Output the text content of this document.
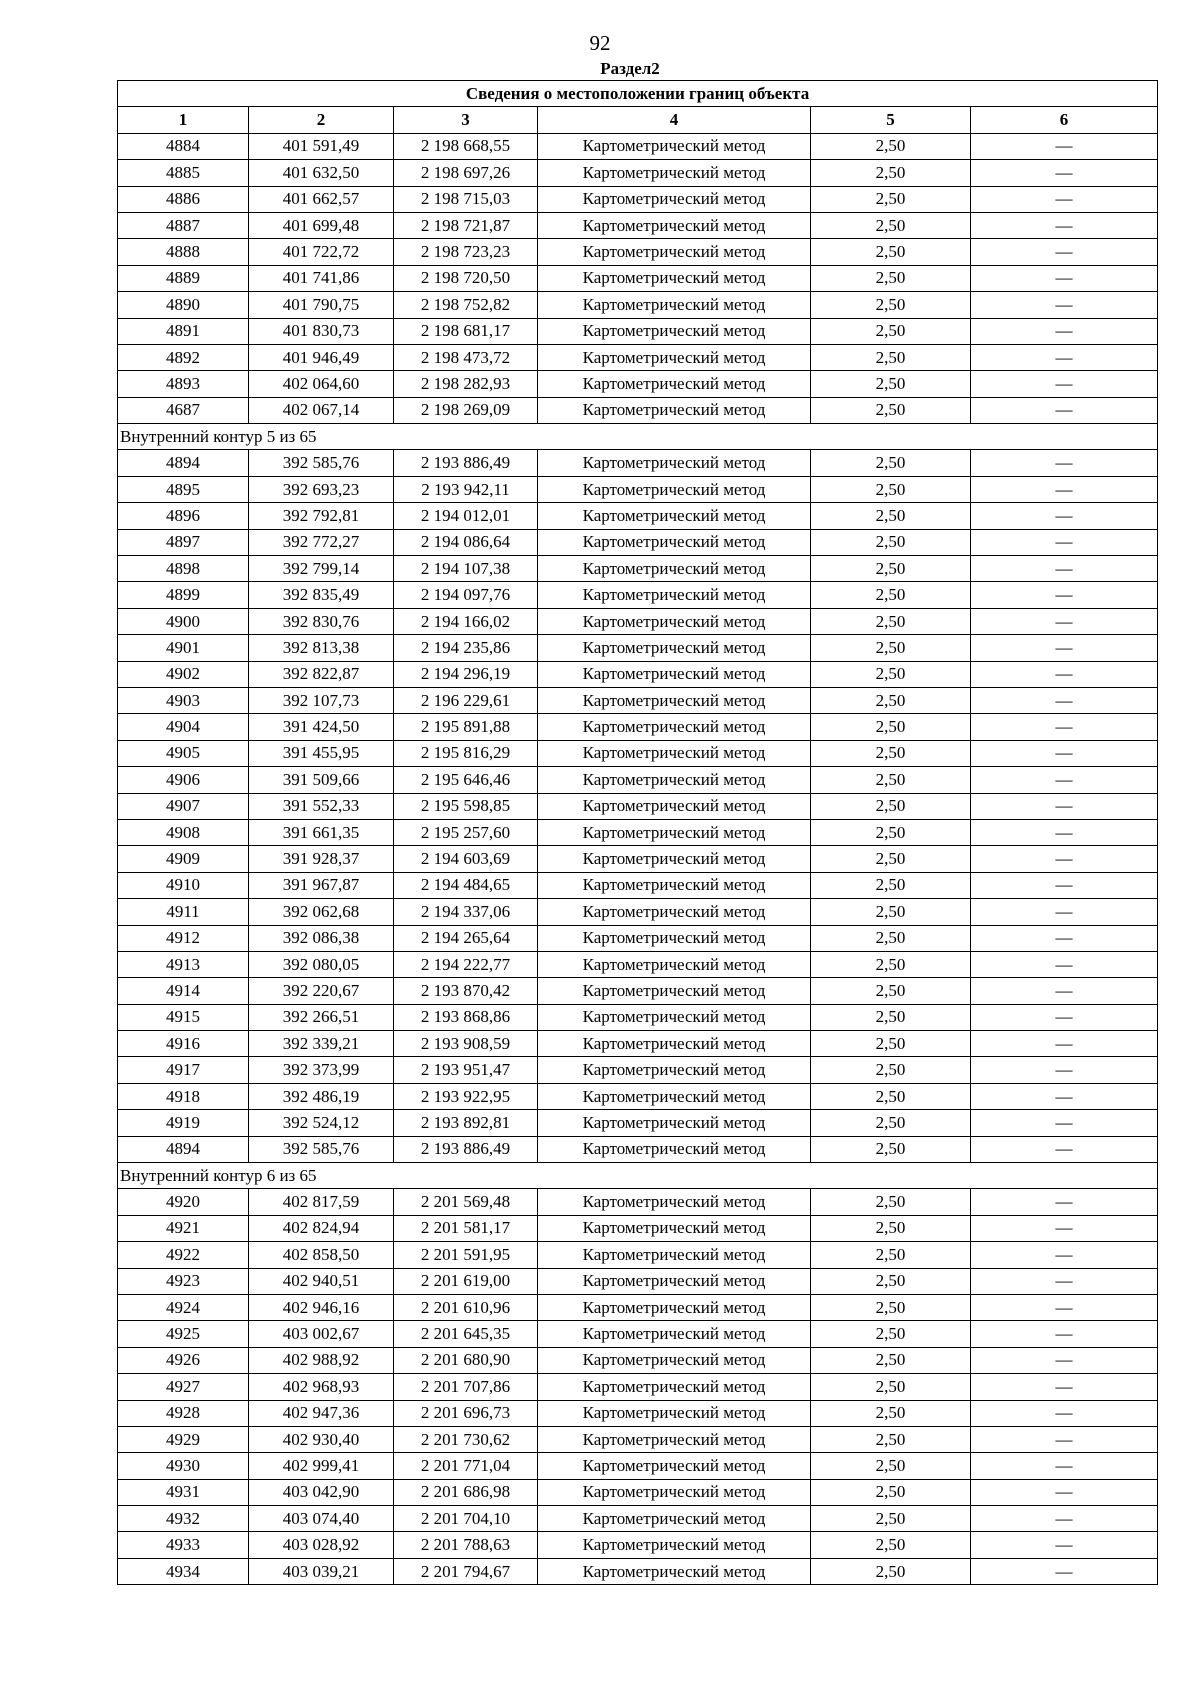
92
Раздел2
Сведения о местоположении границ объекта					
1	2	3	4	5	6
4884	401 591,49	2 198 668,55	Картометрический метод	2,50	—
4885	401 632,50	2 198 697,26	Картометрический метод	2,50	—
4886	401 662,57	2 198 715,03	Картометрический метод	2,50	—
4887	401 699,48	2 198 721,87	Картометрический метод	2,50	—
4888	401 722,72	2 198 723,23	Картометрический метод	2,50	—
4889	401 741,86	2 198 720,50	Картометрический метод	2,50	—
4890	401 790,75	2 198 752,82	Картометрический метод	2,50	—
4891	401 830,73	2 198 681,17	Картометрический метод	2,50	—
4892	401 946,49	2 198 473,72	Картометрический метод	2,50	—
4893	402 064,60	2 198 282,93	Картометрический метод	2,50	—
4687	402 067,14	2 198 269,09	Картометрический метод	2,50	—
Внутренний контур 5 из 65					
4894	392 585,76	2 193 886,49	Картометрический метод	2,50	—
4895	392 693,23	2 193 942,11	Картометрический метод	2,50	—
4896	392 792,81	2 194 012,01	Картометрический метод	2,50	—
4897	392 772,27	2 194 086,64	Картометрический метод	2,50	—
4898	392 799,14	2 194 107,38	Картометрический метод	2,50	—
4899	392 835,49	2 194 097,76	Картометрический метод	2,50	—
4900	392 830,76	2 194 166,02	Картометрический метод	2,50	—
4901	392 813,38	2 194 235,86	Картометрический метод	2,50	—
4902	392 822,87	2 194 296,19	Картометрический метод	2,50	—
4903	392 107,73	2 196 229,61	Картометрический метод	2,50	—
4904	391 424,50	2 195 891,88	Картометрический метод	2,50	—
4905	391 455,95	2 195 816,29	Картометрический метод	2,50	—
4906	391 509,66	2 195 646,46	Картометрический метод	2,50	—
4907	391 552,33	2 195 598,85	Картометрический метод	2,50	—
4908	391 661,35	2 195 257,60	Картометрический метод	2,50	—
4909	391 928,37	2 194 603,69	Картометрический метод	2,50	—
4910	391 967,87	2 194 484,65	Картометрический метод	2,50	—
4911	392 062,68	2 194 337,06	Картометрический метод	2,50	—
4912	392 086,38	2 194 265,64	Картометрический метод	2,50	—
4913	392 080,05	2 194 222,77	Картометрический метод	2,50	—
4914	392 220,67	2 193 870,42	Картометрический метод	2,50	—
4915	392 266,51	2 193 868,86	Картометрический метод	2,50	—
4916	392 339,21	2 193 908,59	Картометрический метод	2,50	—
4917	392 373,99	2 193 951,47	Картометрический метод	2,50	—
4918	392 486,19	2 193 922,95	Картометрический метод	2,50	—
4919	392 524,12	2 193 892,81	Картометрический метод	2,50	—
4894	392 585,76	2 193 886,49	Картометрический метод	2,50	—
Внутренний контур 6 из 65					
4920	402 817,59	2 201 569,48	Картометрический метод	2,50	—
4921	402 824,94	2 201 581,17	Картометрический метод	2,50	—
4922	402 858,50	2 201 591,95	Картометрический метод	2,50	—
4923	402 940,51	2 201 619,00	Картометрический метод	2,50	—
4924	402 946,16	2 201 610,96	Картометрический метод	2,50	—
4925	403 002,67	2 201 645,35	Картометрический метод	2,50	—
4926	402 988,92	2 201 680,90	Картометрический метод	2,50	—
4927	402 968,93	2 201 707,86	Картометрический метод	2,50	—
4928	402 947,36	2 201 696,73	Картометрический метод	2,50	—
4929	402 930,40	2 201 730,62	Картометрический метод	2,50	—
4930	402 999,41	2 201 771,04	Картометрический метод	2,50	—
4931	403 042,90	2 201 686,98	Картометрический метод	2,50	—
4932	403 074,40	2 201 704,10	Картометрический метод	2,50	—
4933	403 028,92	2 201 788,63	Картометрический метод	2,50	—
4934	403 039,21	2 201 794,67	Картометрический метод	2,50	—
